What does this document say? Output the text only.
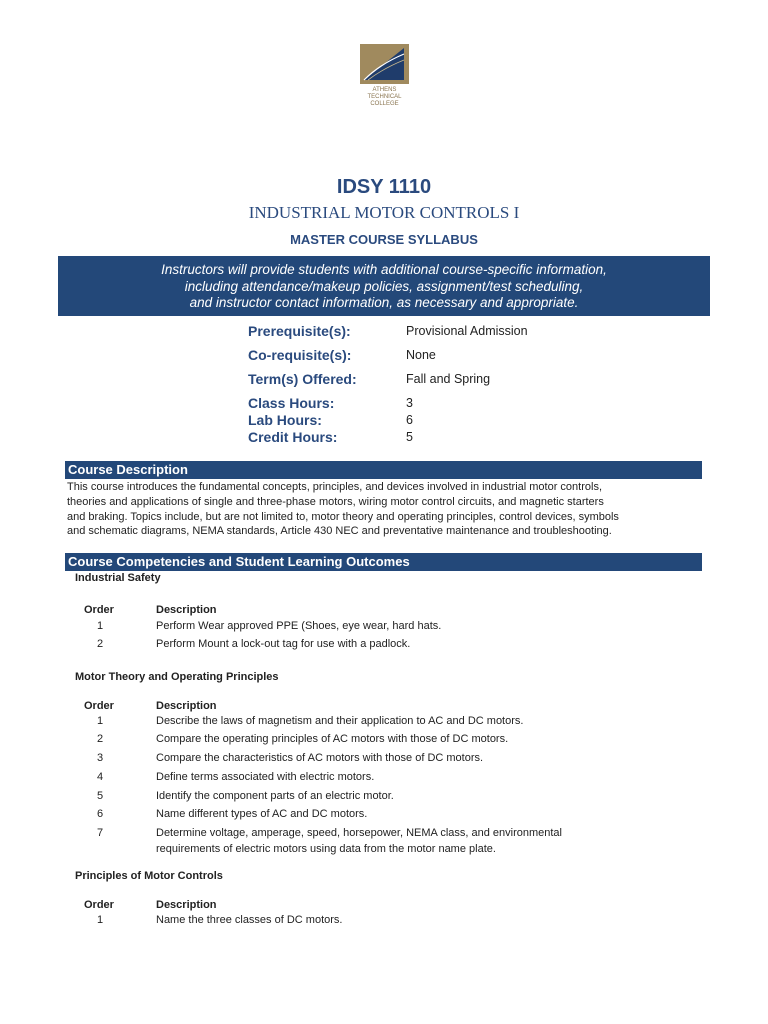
ATHENS
TECHNICAL
COLLEGE
IDSY 1110
INDUSTRIAL MOTOR CONTROLS I
MASTER COURSE SYLLABUS
Instructors will provide students with additional course-specific information,
including attendance/makeup policies, assignment/test scheduling,
and instructor contact information, as necessary and appropriate.
Prerequisite(s):	Provisional Admission
Co-requisite(s):	None
Term(s) Offered:	Fall and Spring
Class Hours:	3
Lab Hours:	6
Credit Hours:	5
Course Description
This course introduces the fundamental concepts, principles, and devices involved in industrial motor controls,
theories and applications of single and three-phase motors, wiring motor control circuits, and magnetic starters
and braking. Topics include, but are not limited to, motor theory and operating principles, control devices, symbols
and schematic diagrams, NEMA standards, Article 430 NEC and preventative maintenance and troubleshooting.
Course Competencies and Student Learning Outcomes
Industrial Safety
Order	Description
1	Perform Wear approved PPE (Shoes, eye wear, hard hats.
2	Perform Mount a lock-out tag for use with a padlock.
Motor Theory and Operating Principles
Order	Description
1	Describe the laws of magnetism and their application to AC and DC motors.
2	Compare the operating principles of AC motors with those of DC motors.
3	Compare the characteristics of AC motors with those of DC motors.
4	Define terms associated with electric motors.
5	Identify the component parts of an electric motor.
6	Name different types of AC and DC motors.
7	Determine voltage, amperage, speed, horsepower, NEMA class, and environmental
requirements of electric motors using data from the motor name plate.
Principles of Motor Controls
Order	Description
1	Name the three classes of DC motors.
